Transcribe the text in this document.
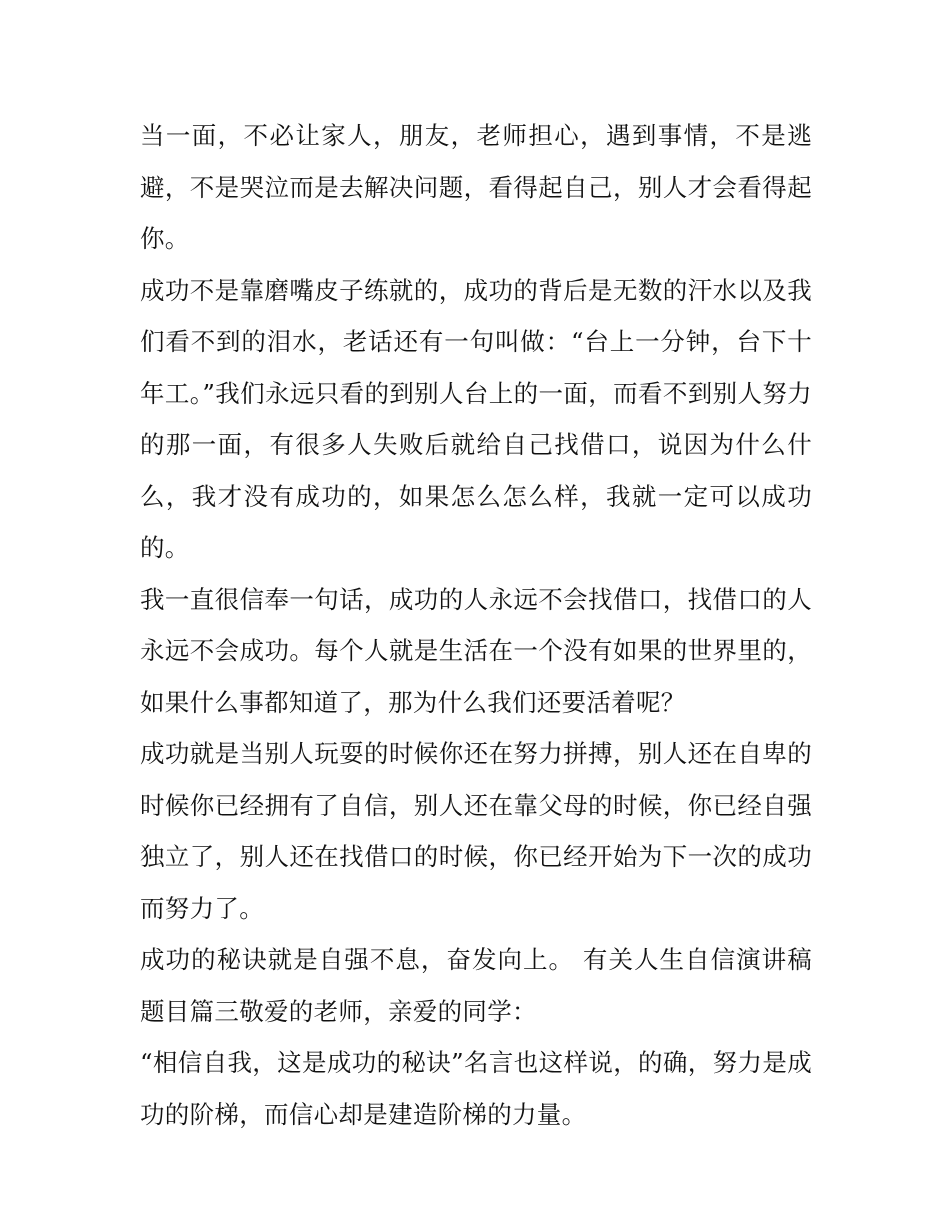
当一面，不必让家人，朋友，老师担心，遇到事情，不是逃避，不是哭泣而是去解决问题，看得起自己，别人才会看得起你。

成功不是靠磨嘴皮子练就的，成功的背后是无数的汗水以及我们看不到的泪水，老话还有一句叫做：“台上一分钟，台下十年工。”我们永远只看的到别人台上的一面，而看不到别人努力的那一面，有很多人失败后就给自己找借口，说因为什么什么，我才没有成功的，如果怎么怎么样，我就一定可以成功的。

我一直很信奉一句话，成功的人永远不会找借口，找借口的人永远不会成功。每个人就是生活在一个没有如果的世界里的，如果什么事都知道了，那为什么我们还要活着呢？

成功就是当别人玩耍的时候你还在努力拼搏，别人还在自卑的时候你已经拥有了自信，别人还在靠父母的时候，你已经自强独立了，别人还在找借口的时候，你已经开始为下一次的成功而努力了。

成功的秘诀就是自强不息，奋发向上。 有关人生自信演讲稿题目篇三敬爱的老师，亲爱的同学：

“相信自我，这是成功的秘诀”名言也这样说，的确，努力是成功的阶梯，而信心却是建造阶梯的力量。
